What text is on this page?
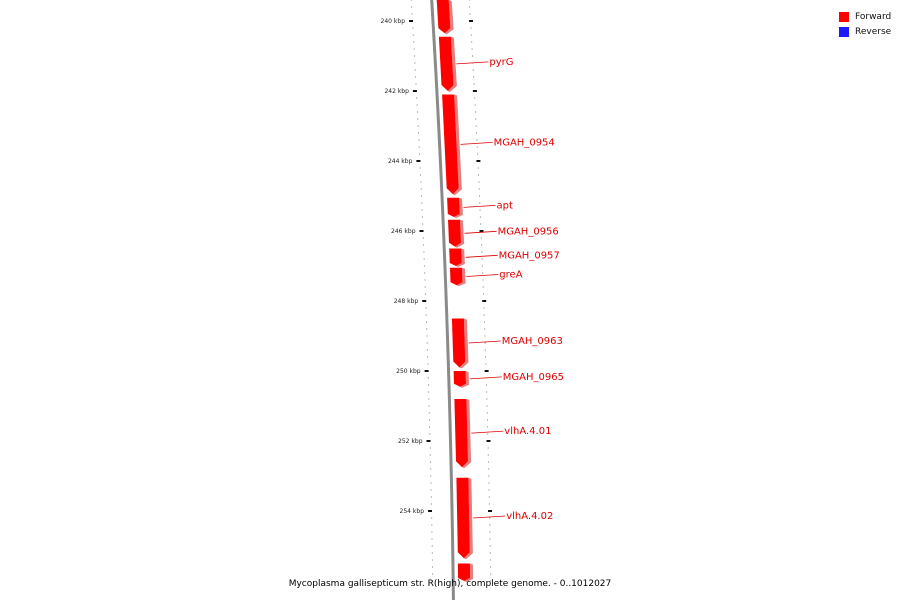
240 kbp
242 kbp
244 kbp
246 kbp
248 kbp
250 kbp
252 kbp
254 kbp
pyrG
MGAH_0954
apt
MGAH_0956
MGAH_0957
greA
MGAH_0963
MGAH_0965
vlhA.4.01
vlhA.4.02
Forward
Reverse
Mycoplasma gallisepticum str. R(high), complete genome. - 0..1012027
